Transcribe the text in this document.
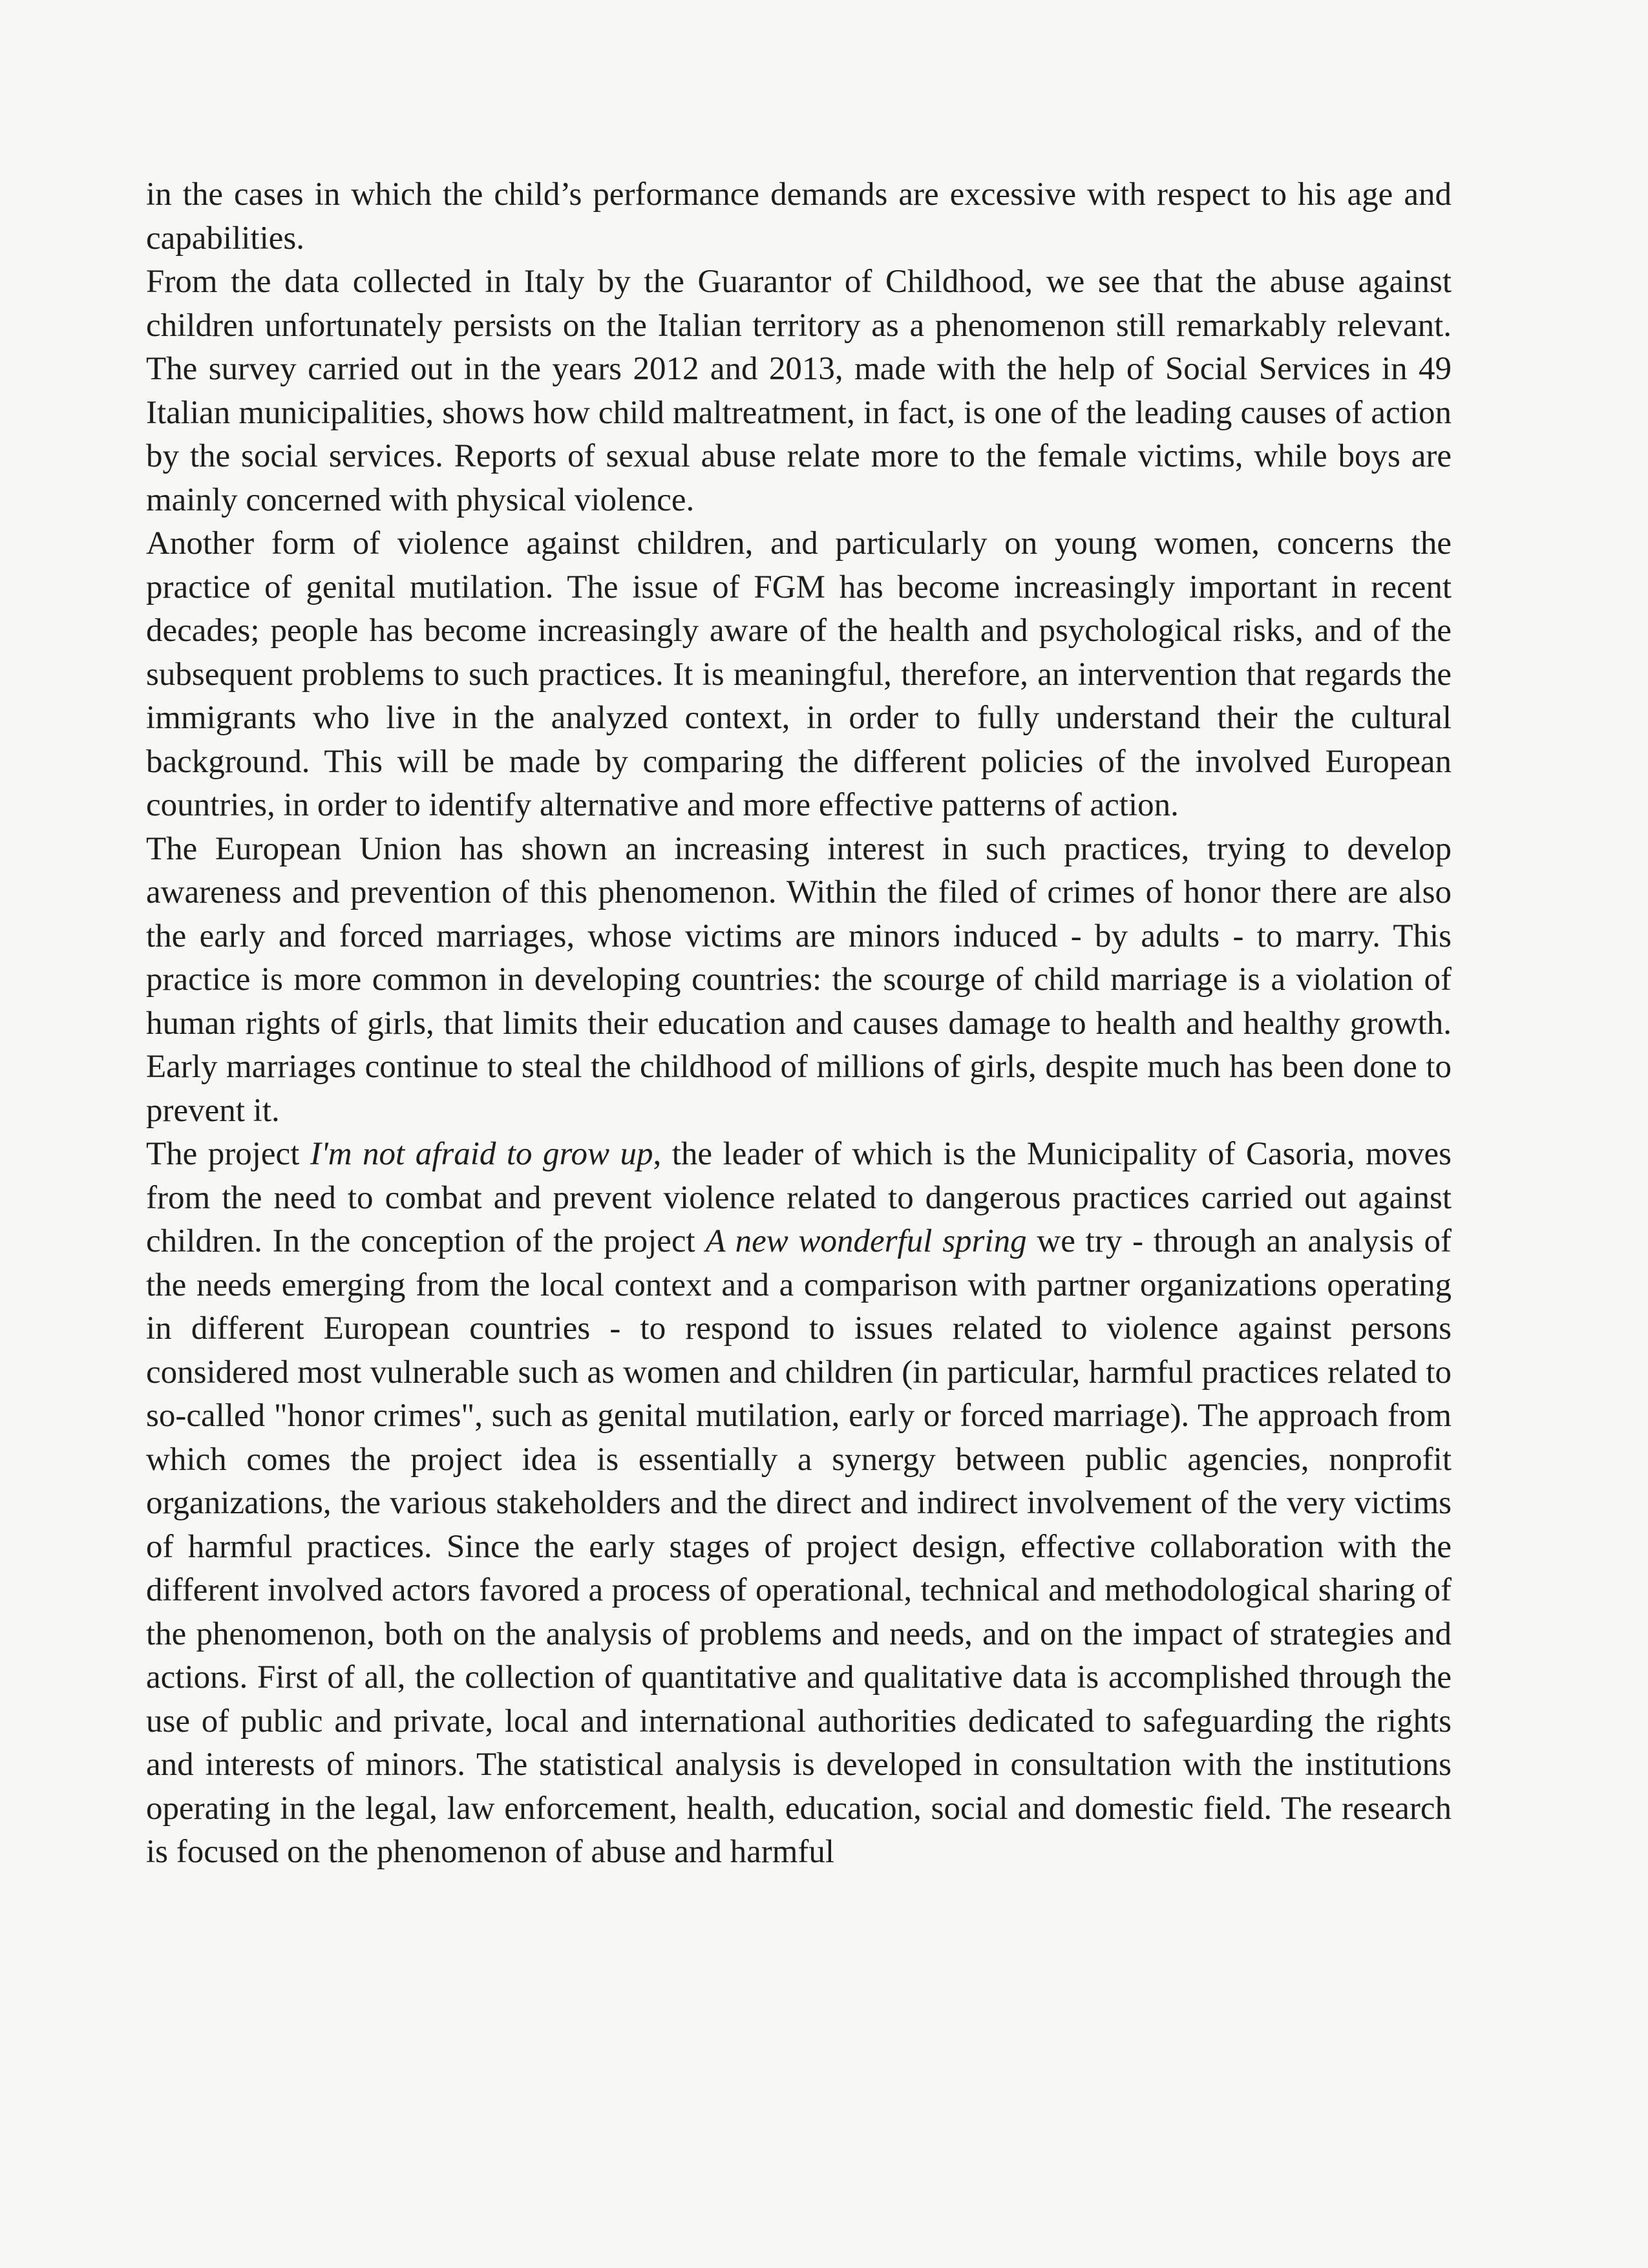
in the cases in which the child’s performance demands are excessive with respect to his age and capabilities.

From the data collected in Italy by the Guarantor of Childhood, we see that the abuse against children unfortunately persists on the Italian territory as a phenomenon still remarkably relevant. The survey carried out in the years 2012 and 2013, made with the help of Social Services in 49 Italian municipalities, shows how child maltreatment, in fact, is one of the leading causes of action by the social services. Reports of sexual abuse relate more to the female victims, while boys are mainly concerned with physical violence.

Another form of violence against children, and particularly on young women, concerns the practice of genital mutilation. The issue of FGM has become increasingly important in recent decades; people has become increasingly aware of the health and psychological risks, and of the subsequent problems to such practices. It is meaningful, therefore, an intervention that regards the immigrants who live in the analyzed context, in order to fully understand their the cultural background. This will be made by comparing the different policies of the involved European countries, in order to identify alternative and more effective patterns of action.

The European Union has shown an increasing interest in such practices, trying to develop awareness and prevention of this phenomenon. Within the filed of crimes of honor there are also the early and forced marriages, whose victims are minors induced - by adults - to marry. This practice is more common in developing countries: the scourge of child marriage is a violation of human rights of girls, that limits their education and causes damage to health and healthy growth. Early marriages continue to steal the childhood of millions of girls, despite much has been done to prevent it.

The project I'm not afraid to grow up, the leader of which is the Municipality of Casoria, moves from the need to combat and prevent violence related to dangerous practices carried out against children. In the conception of the project A new wonderful spring we try - through an analysis of the needs emerging from the local context and a comparison with partner organizations operating in different European countries - to respond to issues related to violence against persons considered most vulnerable such as women and children (in particular, harmful practices related to so-called "honor crimes", such as genital mutilation, early or forced marriage). The approach from which comes the project idea is essentially a synergy between public agencies, nonprofit organizations, the various stakeholders and the direct and indirect involvement of the very victims of harmful practices. Since the early stages of project design, effective collaboration with the different involved actors favored a process of operational, technical and methodological sharing of the phenomenon, both on the analysis of problems and needs, and on the impact of strategies and actions. First of all, the collection of quantitative and qualitative data is accomplished through the use of public and private, local and international authorities dedicated to safeguarding the rights and interests of minors. The statistical analysis is developed in consultation with the institutions operating in the legal, law enforcement, health, education, social and domestic field. The research is focused on the phenomenon of abuse and harmful
